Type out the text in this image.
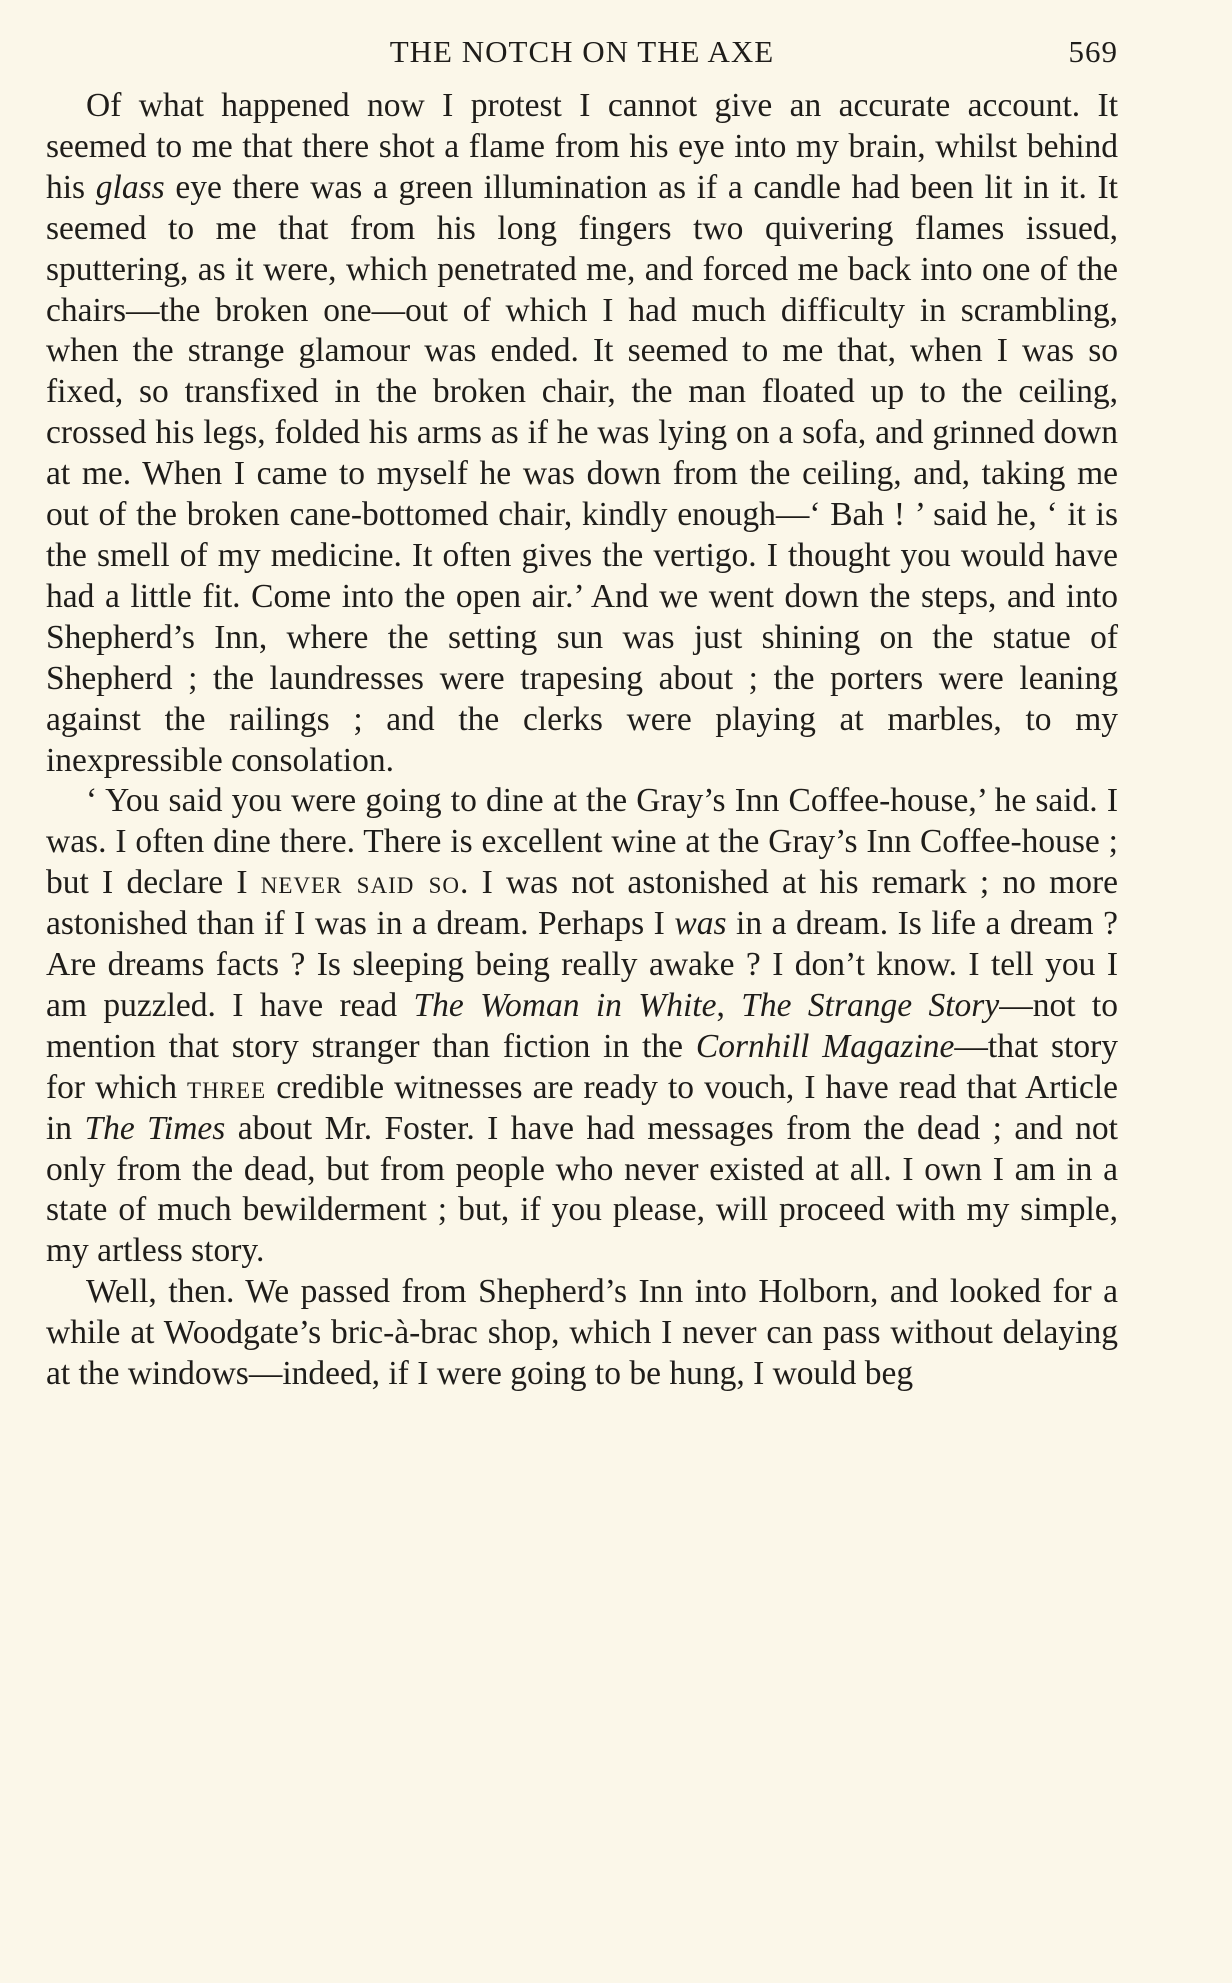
THE NOTCH ON THE AXE	569

Of what happened now I protest I cannot give an accurate account. It seemed to me that there shot a flame from his eye into my brain, whilst behind his glass eye there was a green illumination as if a candle had been lit in it. It seemed to me that from his long fingers two quivering flames issued, sputtering, as it were, which penetrated me, and forced me back into one of the chairs—the broken one—out of which I had much difficulty in scrambling, when the strange glamour was ended. It seemed to me that, when I was so fixed, so transfixed in the broken chair, the man floated up to the ceiling, crossed his legs, folded his arms as if he was lying on a sofa, and grinned down at me. When I came to myself he was down from the ceiling, and, taking me out of the broken cane-bottomed chair, kindly enough—‘ Bah ! ’ said he, ‘ it is the smell of my medicine. It often gives the vertigo. I thought you would have had a little fit. Come into the open air.’ And we went down the steps, and into Shepherd’s Inn, where the setting sun was just shining on the statue of Shepherd ; the laundresses were trapesing about ; the porters were leaning against the railings ; and the clerks were playing at marbles, to my inexpressible consolation.

‘ You said you were going to dine at the Gray’s Inn Coffee-house,’ he said. I was. I often dine there. There is excellent wine at the Gray’s Inn Coffee-house ; but I declare I never said so. I was not astonished at his remark ; no more astonished than if I was in a dream. Perhaps I was in a dream. Is life a dream ? Are dreams facts ? Is sleeping being really awake ? I don’t know. I tell you I am puzzled. I have read The Woman in White, The Strange Story—not to mention that story stranger than fiction in the Cornhill Magazine—that story for which three credible witnesses are ready to vouch, I have read that Article in The Times about Mr. Foster. I have had messages from the dead ; and not only from the dead, but from people who never existed at all. I own I am in a state of much bewilderment ; but, if you please, will proceed with my simple, my artless story.

Well, then. We passed from Shepherd’s Inn into Holborn, and looked for a while at Woodgate’s bric-à-brac shop, which I never can pass without delaying at the windows—indeed, if I were going to be hung, I would beg
